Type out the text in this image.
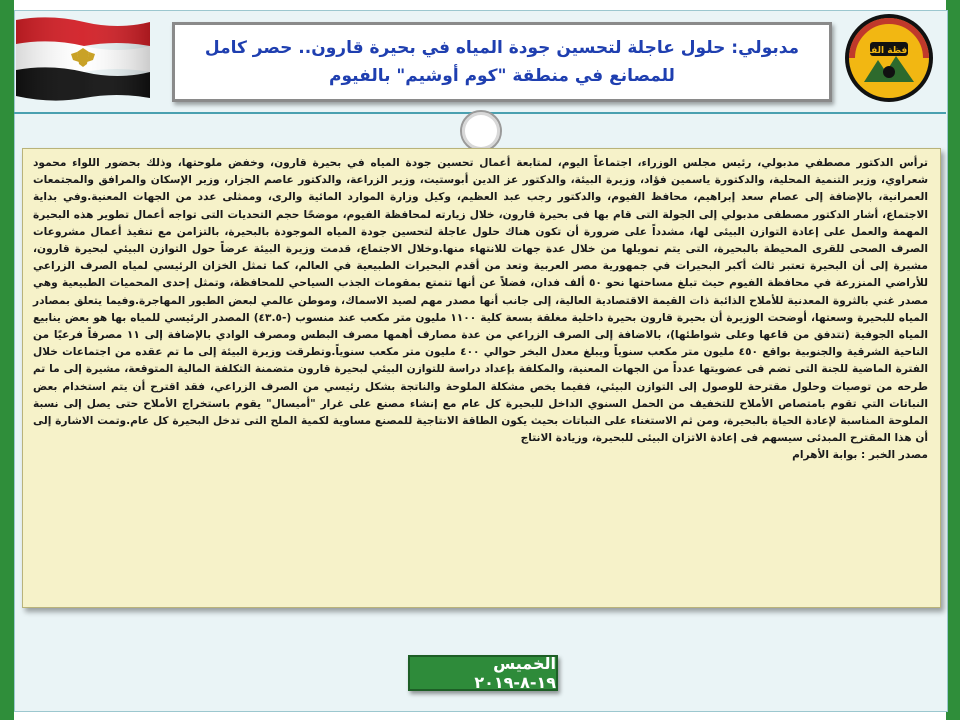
محافظة الفيوم
مدبولي: حلول عاجلة لتحسين جودة المياه في بحيرة قارون.. حصر كامل للمصانع في منطقة "كوم أوشيم" بالفيوم

ترأس الدكتور مصطفي مدبولي، رئيس مجلس الوزراء، اجتماعاً اليوم، لمتابعة أعمال تحسين جودة المياه في بحيرة قارون، وخفض ملوحتها، وذلك بحضور اللواء محمود شعراوي، وزير التنمية المحلية، والدكتورة ياسمين فؤاد، وزيرة البيئة، والدكتور عز الدين أبوستيت، وزير الزراعة، والدكتور عاصم الجزار، وزير الإسكان والمرافق والمجتمعات العمرانية، بالإضافة إلى عصام سعد إبراهيم، محافظ الفيوم، والدكتور رجب عبد العظيم، وكيل وزارة الموارد المائية والرى، وممثلى عدد من الجهات المعنية.وفي بداية الاجتماع، أشار الدكتور مصطفى مدبولي إلى الجولة التى قام بها فى بحيرة قارون، خلال زيارته لمحافظة الفيوم، موضحًا حجم التحديات التى تواجه أعمال تطوير هذه البحيرة المهمة والعمل على إعادة التوازن البيئى لها، مشدداً على ضرورة أن تكون هناك حلول عاجلة لتحسين جودة المياه الموجودة بالبحيرة، بالتزامن مع تنفيذ أعمال مشروعات الصرف الصحى للقرى المحيطة بالبحيرة، التى يتم تمويلها من خلال عدة جهات للانتهاء منها.وخلال الاجتماع، قدمت وزيرة البيئة عرضاً حول التوازن البيئي لبحيرة قارون، مشيرة إلى أن البحيرة تعتبر ثالث أكبر البحيرات في جمهورية مصر العربية وتعد من أقدم البحيرات الطبيعية في العالم، كما تمثل الخزان الرئيسي لمياه الصرف الزراعي للأراضي المنزرعة في محافظة الفيوم حيث تبلغ مساحتها نحو ٥٠ ألف فدان، فضلاً عن أنها تتمتع بمقومات الجذب السياحي للمحافظة، وتمثل إحدى المحميات الطبيعية وهي مصدر غني بالثروة المعدنية للأملاح الذائبة ذات القيمة الاقتصادية العالية، إلى جانب أنها مصدر مهم لصيد الاسماك، وموطن عالمي لبعض الطيور المهاجرة.وفيما يتعلق بمصادر المياه للبحيرة وسعتها، أوضحت الوزيرة أن بحيرة قارون بحيرة داخلية مغلقة بسعة كلية ١١٠٠ مليون متر مكعب عند منسوب (-٤٣.٥) المصدر الرئيسي للمياه بها هو بعض ينابيع المياه الجوفية (تتدفق من قاعها وعلى شواطئها)، بالاضافة إلى الصرف الزراعي من عدة مصارف أهمها مصرف البطس ومصرف الوادي بالإضافة إلى ١١ مصرفاً فرعيًا من الناحية الشرقية والجنوبية بواقع ٤٥٠ مليون متر مكعب سنوياً ويبلغ معدل البخر حوالي ٤٠٠ مليون متر مكعب سنوياً.وتطرقت وزيرة البيئة إلى ما تم عقده من اجتماعات خلال الفترة الماضية للجنة التى تضم فى عضويتها عدداً من الجهات المعنية، والمكلفة بإعداد دراسة للتوازن البيئي لبحيرة قارون متضمنة التكلفة المالية المتوقعة، مشيرة إلى ما تم طرحه من توصيات وحلول مقترحة للوصول إلى التوازن البيئي، ففيما يخص مشكلة الملوحة والناتجة بشكل رئيسي من الصرف الزراعي، فقد اقترح أن يتم استخدام بعض النباتات التي تقوم بامتصاص الأملاح للتخفيف من الحمل السنوي الداخل للبحيرة كل عام مع إنشاء مصنع على غرار "أميسال" يقوم باستخراج الأملاح حتى يصل إلى نسبة الملوحة المناسبة لإعادة الحياة بالبحيرة، ومن ثم الاستغناء على النباتات بحيث يكون الطاقة الانتاجية للمصنع مساوية لكمية الملح التى تدخل البحيرة كل عام.وتمت الاشارة إلى أن هذا المقترح المبدئى سيسهم فى إعادة الاتزان البيئى للبحيرة، وزيادة الانتاج

مصدر الخبر : بوابة الأهرام

الخميس ١٩-٨-٢٠١٩
